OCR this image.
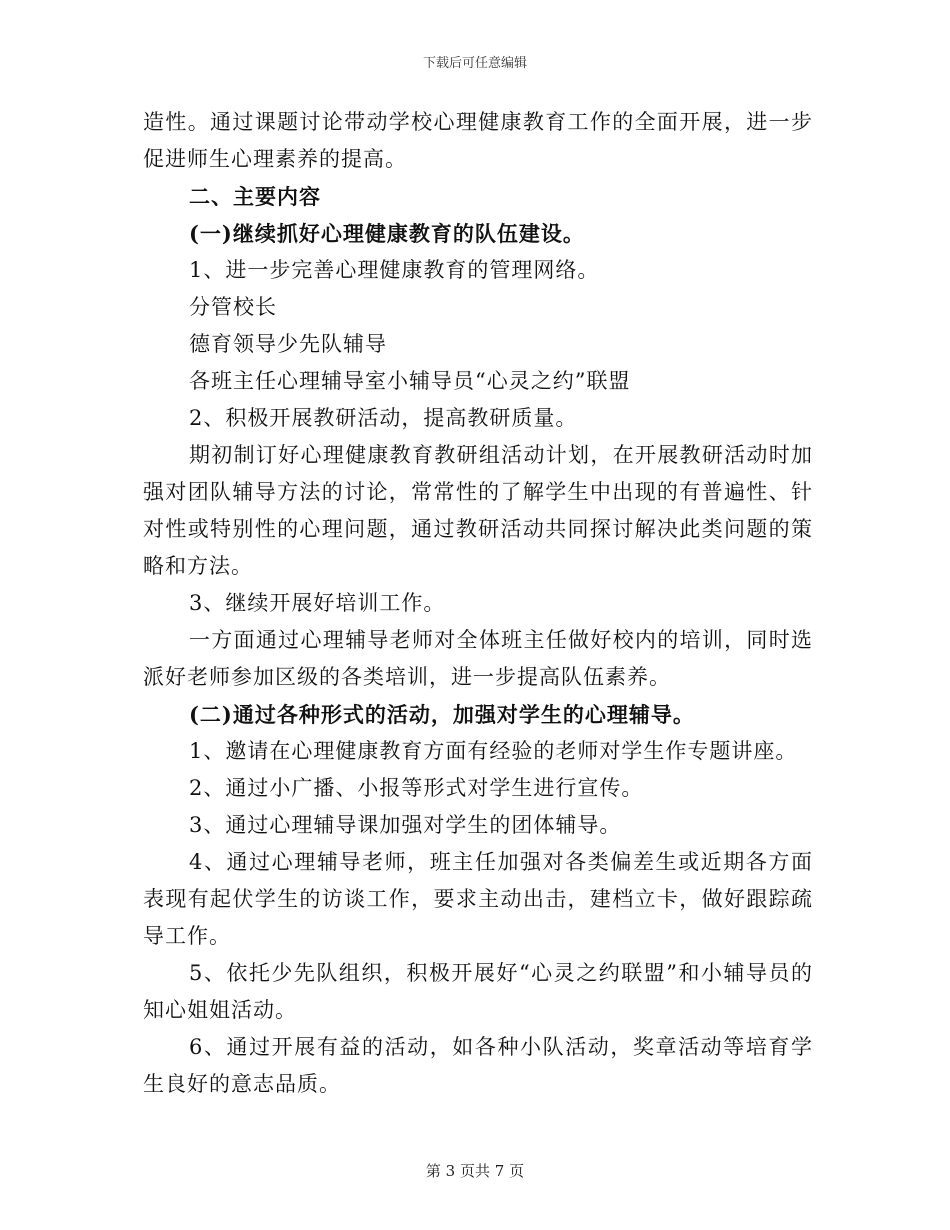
下载后可任意编辑

造性。通过课题讨论带动学校心理健康教育工作的全面开展，进一步促进师生心理素养的提高。

二、主要内容

(一)继续抓好心理健康教育的队伍建设。

1、进一步完善心理健康教育的管理网络。

分管校长

德育领导少先队辅导

各班主任心理辅导室小辅导员“心灵之约”联盟

2、积极开展教研活动，提高教研质量。

期初制订好心理健康教育教研组活动计划，在开展教研活动时加强对团队辅导方法的讨论，常常性的了解学生中出现的有普遍性、针对性或特别性的心理问题，通过教研活动共同探讨解决此类问题的策略和方法。

3、继续开展好培训工作。

一方面通过心理辅导老师对全体班主任做好校内的培训，同时选派好老师参加区级的各类培训，进一步提高队伍素养。

(二)通过各种形式的活动，加强对学生的心理辅导。

1、邀请在心理健康教育方面有经验的老师对学生作专题讲座。

2、通过小广播、小报等形式对学生进行宣传。

3、通过心理辅导课加强对学生的团体辅导。

4、通过心理辅导老师，班主任加强对各类偏差生或近期各方面表现有起伏学生的访谈工作，要求主动出击，建档立卡，做好跟踪疏导工作。

5、依托少先队组织，积极开展好“心灵之约联盟”和小辅导员的知心姐姐活动。

6、通过开展有益的活动，如各种小队活动，奖章活动等培育学生良好的意志品质。

第 3 页共 7 页
